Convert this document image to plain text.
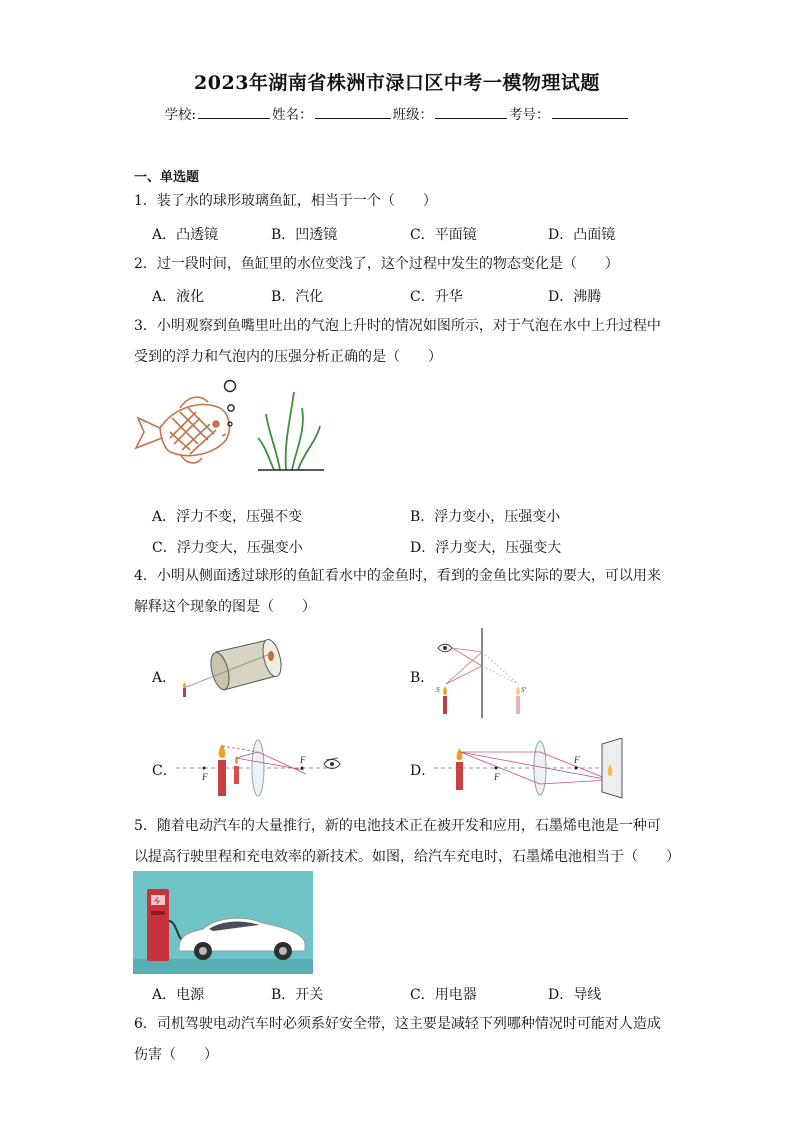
2023年湖南省株洲市渌口区中考一模物理试题
学校:	姓名：	班级：	考号：
一、单选题
1．装了水的球形玻璃鱼缸，相当于一个（　　）
A．凸透镜	B．凹透镜	C．平面镜	D．凸面镜
2．过一段时间，鱼缸里的水位变浅了，这个过程中发生的物态变化是（　　）
A．液化	B．汽化	C．升华	D．沸腾
3．小明观察到鱼嘴里吐出的气泡上升时的情况如图所示，对于气泡在水中上升过程中
受到的浮力和气泡内的压强分析正确的是（　　）
A．浮力不变，压强不变	B．浮力变小，压强变小
C．浮力变大，压强变小	D．浮力变大，压强变大
4．小明从侧面透过球形的鱼缸看水中的金鱼时，看到的金鱼比实际的要大，可以用来
解释这个现象的图是（　　）
A．	B．
S	S'
C．	F
F
D．	F
F
5．随着电动汽车的大量推行，新的电池技术正在被开发和应用，石墨烯电池是一种可
以提高行驶里程和充电效率的新技术。如图，给汽车充电时，石墨烯电池相当于（　　）
A．电源	B．开关	C．用电器	D．导线
6．司机驾驶电动汽车时必须系好安全带，这主要是减轻下列哪种情况时可能对人造成
伤害（　　）
